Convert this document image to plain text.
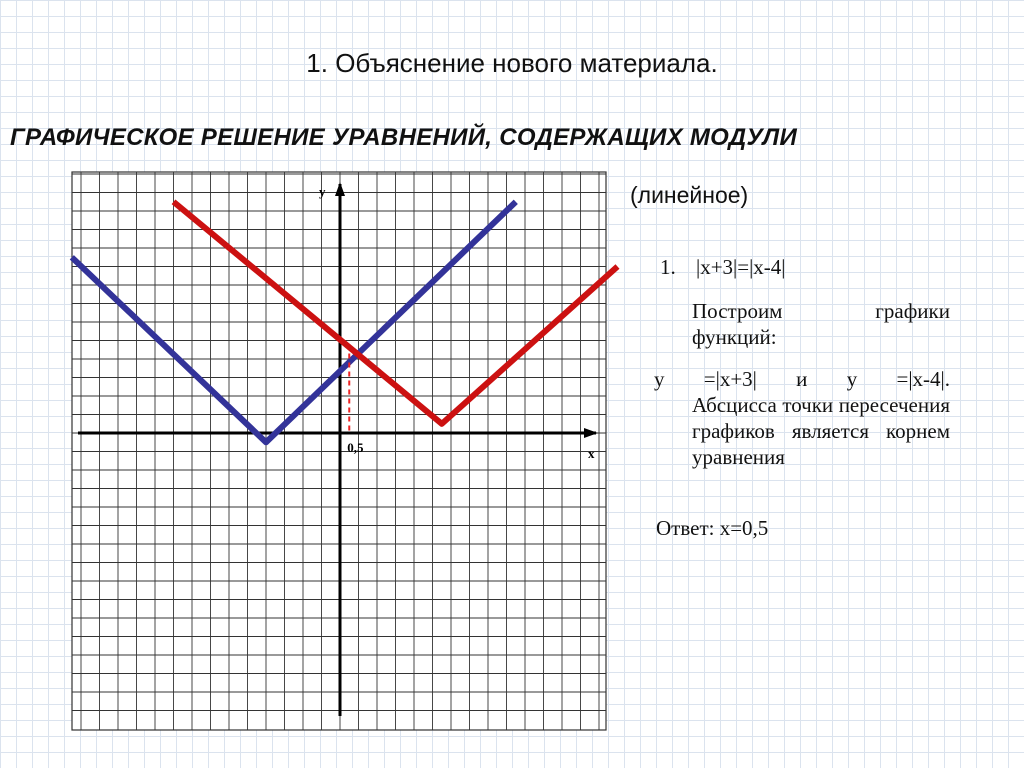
1. Объяснение нового материала.
ГРАФИЧЕСКОЕ РЕШЕНИЕ УРАВНЕНИЙ, СОДЕРЖАЩИХ МОДУЛИ
x
y
0,5
(линейное)
1. |x+3|=|x-4|
Построим графики функций:
y =|x+3| и y =|x-4|.
Абсцисса точки пересечения графиков является корнем уравнения
Ответ: x=0,5
